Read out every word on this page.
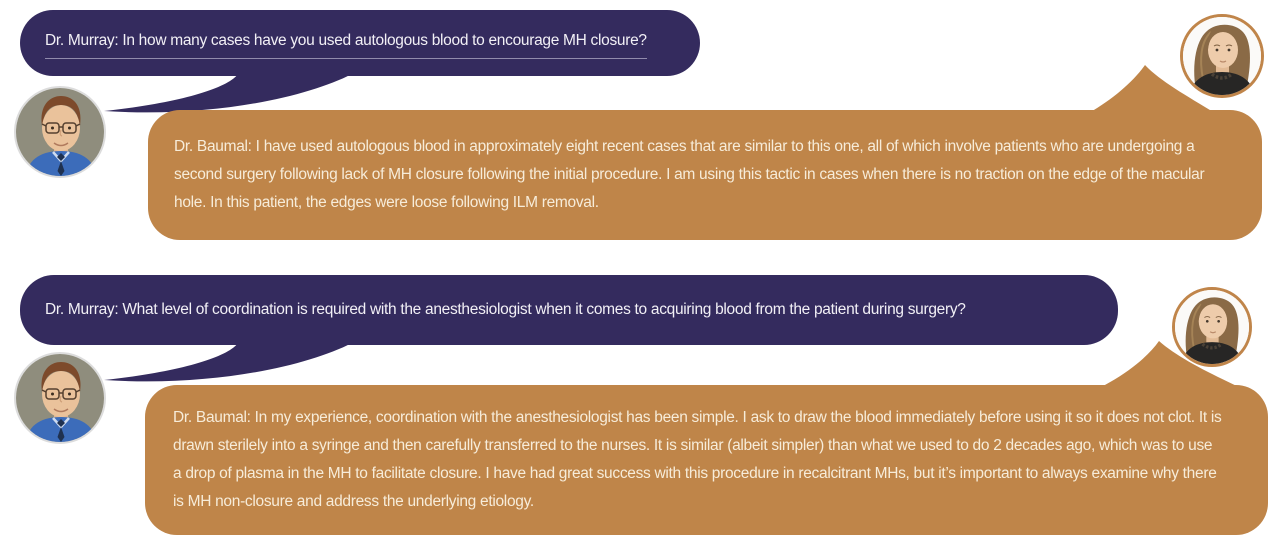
Dr. Murray: In how many cases have you used autologous blood to encourage MH closure?
Dr. Baumal: I have used autologous blood in approximately eight recent cases that are similar to this one, all of which involve patients who are undergoing a second surgery following lack of MH closure following the initial procedure. I am using this tactic in cases when there is no traction on the edge of the macular hole. In this patient, the edges were loose following ILM removal.
Dr. Murray: What level of coordination is required with the anesthesiologist when it comes to acquiring blood from the patient during surgery?
Dr. Baumal: In my experience, coordination with the anesthesiologist has been simple. I ask to draw the blood immediately before using it so it does not clot. It is drawn sterilely into a syringe and then carefully transferred to the nurses. It is similar (albeit simpler) than what we used to do 2 decades ago, which was to use a drop of plasma in the MH to facilitate closure. I have had great success with this procedure in recalcitrant MHs, but it’s important to always examine why there is MH non-closure and address the underlying etiology.
